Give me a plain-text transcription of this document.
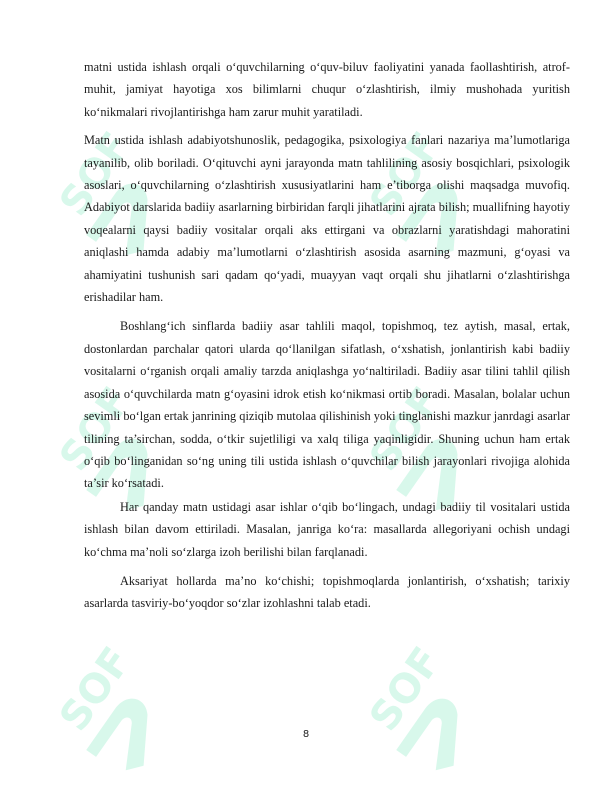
SOF	SOF
SOF	SOF
SOF	SOF

matni ustida ishlash orqali o‘quvchilarning o‘quv-biluv faoliyatini yanada faollashtirish, atrof-muhit, jamiyat hayotiga xos bilimlarni chuqur o‘zlashtirish, ilmiy mushohada yuritish ko‘nikmalari rivojlantirishga ham zarur muhit yaratiladi.

Matn ustida ishlash adabiyotshunoslik, pedagogika, psixologiya fanlari nazariya ma’lumotlariga tayanilib, olib boriladi. O‘qituvchi ayni jarayonda matn tahlilining asosiy bosqichlari, psixologik asoslari, o‘quvchilarning o‘zlashtirish xususiyatlarini ham e’tiborga olishi maqsadga muvofiq. Adabiyot darslarida badiiy asarlarning birbiridan farqli jihatlarini ajrata bilish; muallifning hayotiy voqealarni qaysi badiiy vositalar orqali aks ettirgani va obrazlarni yaratishdagi mahoratini aniqlashi hamda adabiy ma’lumotlarni o‘zlashtirish asosida asarning mazmuni, g‘oyasi va ahamiyatini tushunish sari qadam qo‘yadi, muayyan vaqt orqali shu jihatlarni o‘zlashtirishga erishadilar ham.

Boshlang‘ich sinflarda badiiy asar tahlili maqol, topishmoq, tez aytish, masal, ertak, dostonlardan parchalar qatori ularda qo‘llanilgan sifatlash, o‘xshatish, jonlantirish kabi badiiy vositalarni o‘rganish orqali amaliy tarzda aniqlashga yo‘naltiriladi. Badiiy asar tilini tahlil qilish asosida o‘quvchilarda matn g‘oyasini idrok etish ko‘nikmasi ortib boradi. Masalan, bolalar uchun sevimli bo‘lgan ertak janrining qiziqib mutolaa qilishinish yoki tinglanishi mazkur janrdagi asarlar tilining ta’sirchan, sodda, o‘tkir sujetliligi va xalq tiliga yaqinligidir. Shuning uchun ham ertak o‘qib bo‘linganidan so‘ng uning tili ustida ishlash o‘quvchilar bilish jarayonlari rivojiga alohida ta’sir ko‘rsatadi.

Har qanday matn ustidagi asar ishlar o‘qib bo‘lingach, undagi badiiy til vositalari ustida ishlash bilan davom ettiriladi. Masalan, janriga ko‘ra: masallarda allegoriyani ochish undagi ko‘chma ma’noli so‘zlarga izoh berilishi bilan farqlanadi.

Aksariyat hollarda ma’no ko‘chishi; topishmoqlarda jonlantirish, o‘xshatish; tarixiy asarlarda tasviriy-bo‘yoqdor so‘zlar izohlashni talab etadi.

8
